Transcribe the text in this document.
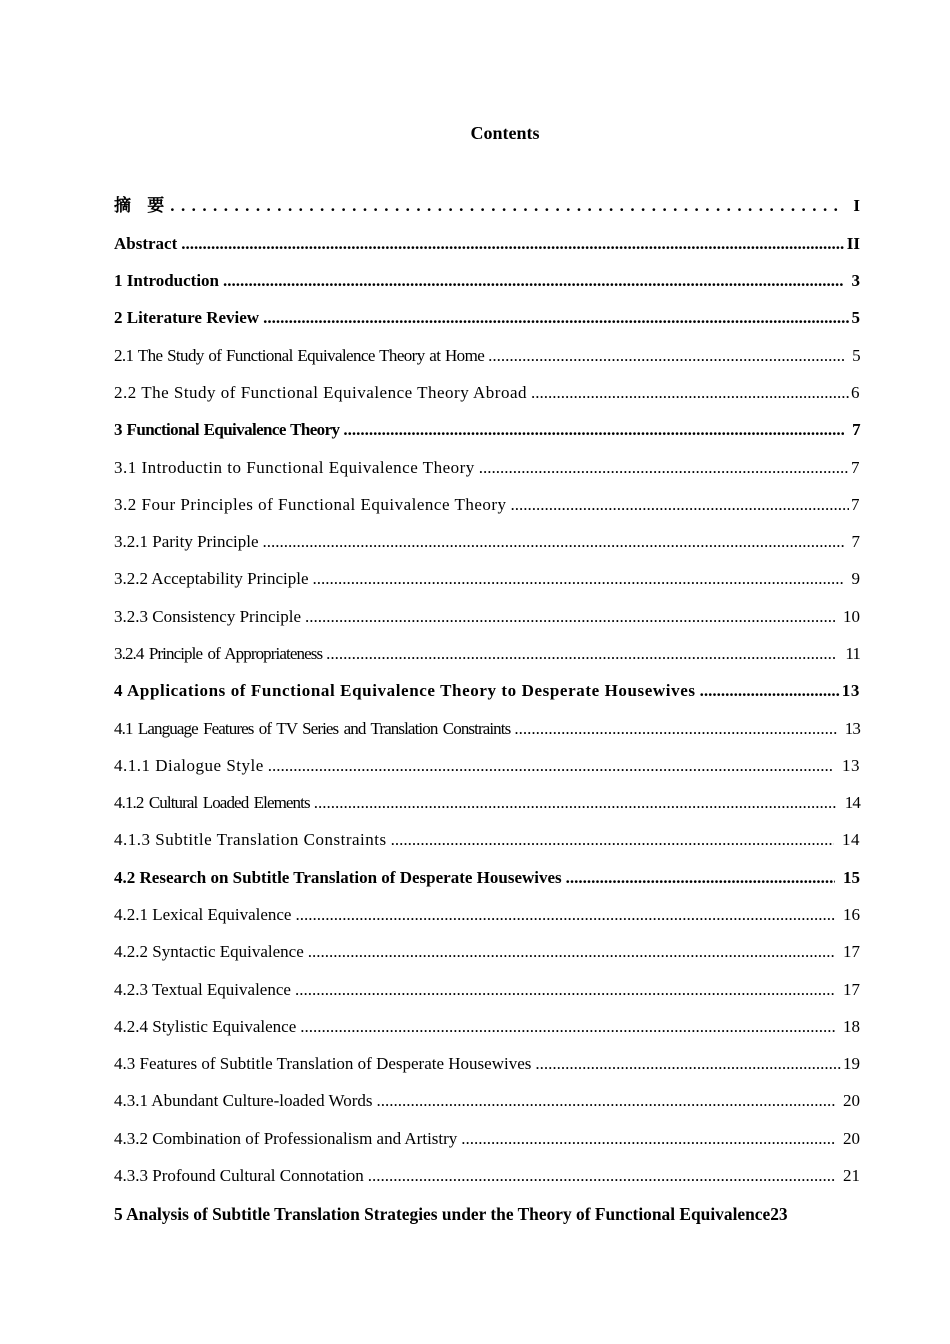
Contents
摘 要 . . .	I
Abstract .....	II
1 Introduction .....	3
2 Literature Review .....	5
2.1 The Study of Functional Equivalence Theory at Home .....	5
2.2 The Study of Functional Equivalence Theory Abroad .....	6
3 Functional Equivalence Theory .....	7
3.1 Introductin to Functional Equivalence Theory .....	7
3.2 Four Principles of Functional Equivalence Theory .....	7
3.2.1 Parity Principle .....	7
3.2.2 Acceptability Principle .....	9
3.2.3 Consistency Principle .....	10
3.2.4 Principle of Appropriateness .....	11
4 Applications of Functional Equivalence Theory to Desperate Housewives .....	13
4.1 Language Features of TV Series and Translation Constraints .....	13
4.1.1 Dialogue Style .....	13
4.1.2 Cultural Loaded Elements .....	14
4.1.3 Subtitle Translation Constraints .....	14
4.2 Research on Subtitle Translation of Desperate Housewives .....	15
4.2.1 Lexical Equivalence .....	16
4.2.2 Syntactic Equivalence .....	17
4.2.3 Textual Equivalence .....	17
4.2.4 Stylistic Equivalence .....	18
4.3 Features of Subtitle Translation of Desperate Housewives .....	19
4.3.1 Abundant Culture-loaded Words .....	20
4.3.2 Combination of Professionalism and Artistry .....	20
4.3.3 Profound Cultural Connotation .....	21
5 Analysis of Subtitle Translation Strategies under the Theory of Functional Equivalence 23
